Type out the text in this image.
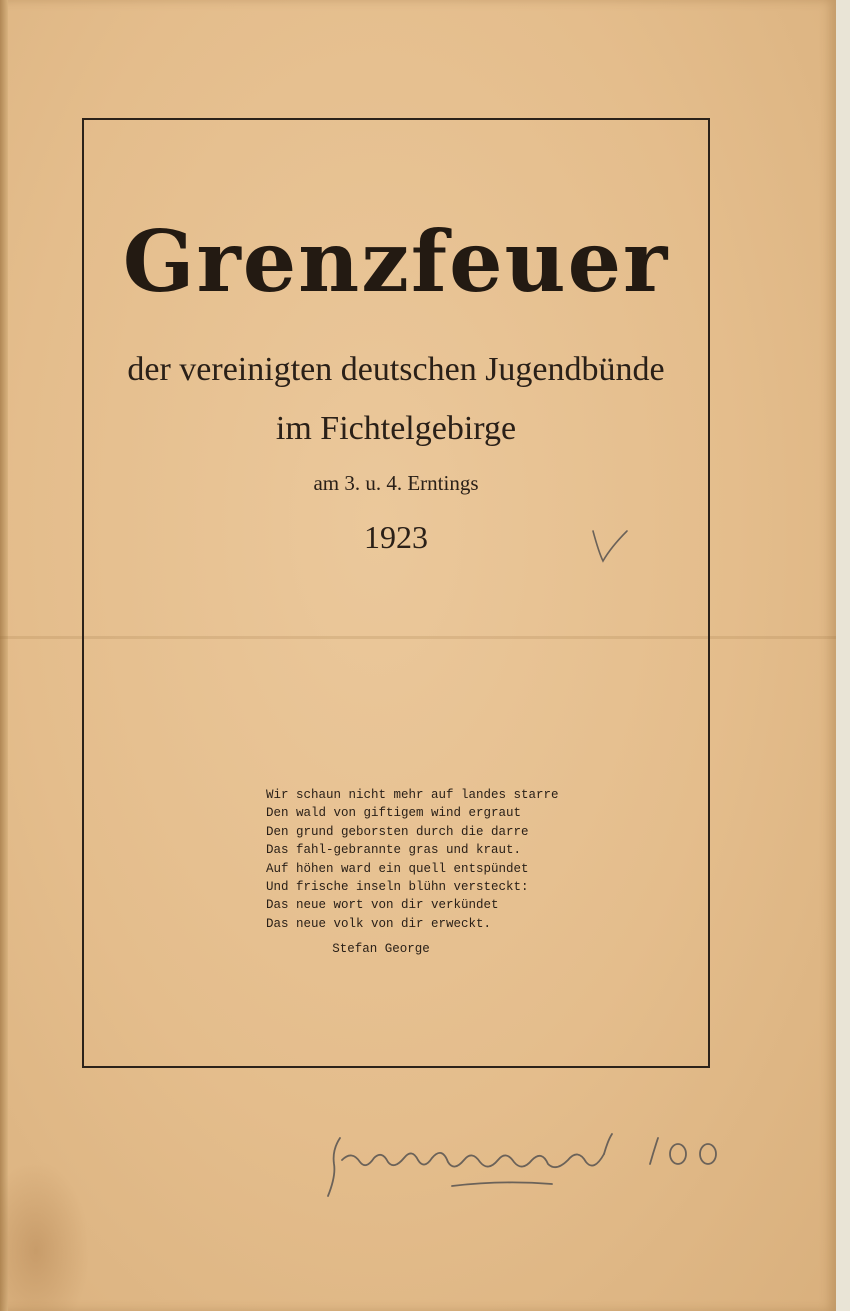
Grenzfeuer
der vereinigten deutschen Jugendbünde
im Fichtelgebirge
am 3. u. 4. Erntings
1923
Wir schaun nicht mehr auf landes starre
Den wald von giftigem wind ergraut
Den grund geborsten durch die darre
Das fahl-gebrannte gras und kraut.
Auf höhen ward ein quell entspündet
Und frische inseln blühn versteckt:
Das neue wort von dir verkündet
Das neue volk von dir erweckt.
Stefan George
